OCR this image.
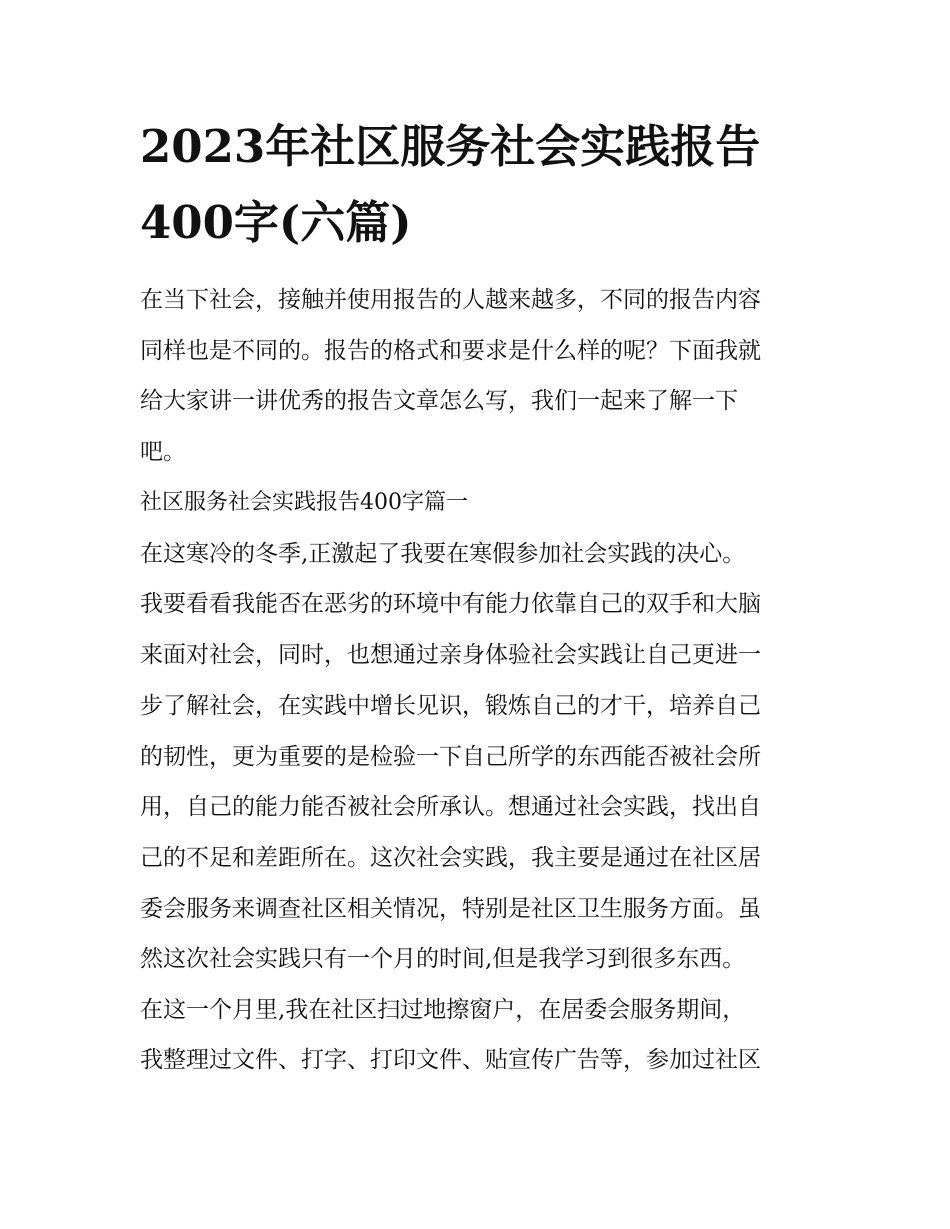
2023年社区服务社会实践报告
400字(六篇)

在当下社会，接触并使用报告的人越来越多，不同的报告内容

同样也是不同的。报告的格式和要求是什么样的呢？下面我就

给大家讲一讲优秀的报告文章怎么写，我们一起来了解一下

吧。

社区服务社会实践报告400字篇一

在这寒冷的冬季,正激起了我要在寒假参加社会实践的决心。

我要看看我能否在恶劣的环境中有能力依靠自己的双手和大脑

来面对社会，同时，也想通过亲身体验社会实践让自己更进一

步了解社会，在实践中增长见识，锻炼自己的才干，培养自己

的韧性，更为重要的是检验一下自己所学的东西能否被社会所

用，自己的能力能否被社会所承认。想通过社会实践，找出自

己的不足和差距所在。这次社会实践，我主要是通过在社区居

委会服务来调查社区相关情况，特别是社区卫生服务方面。虽

然这次社会实践只有一个月的时间,但是我学习到很多东西。

在这一个月里,我在社区扫过地擦窗户，在居委会服务期间，

我整理过文件、打字、打印文件、贴宣传广告等，参加过社区
